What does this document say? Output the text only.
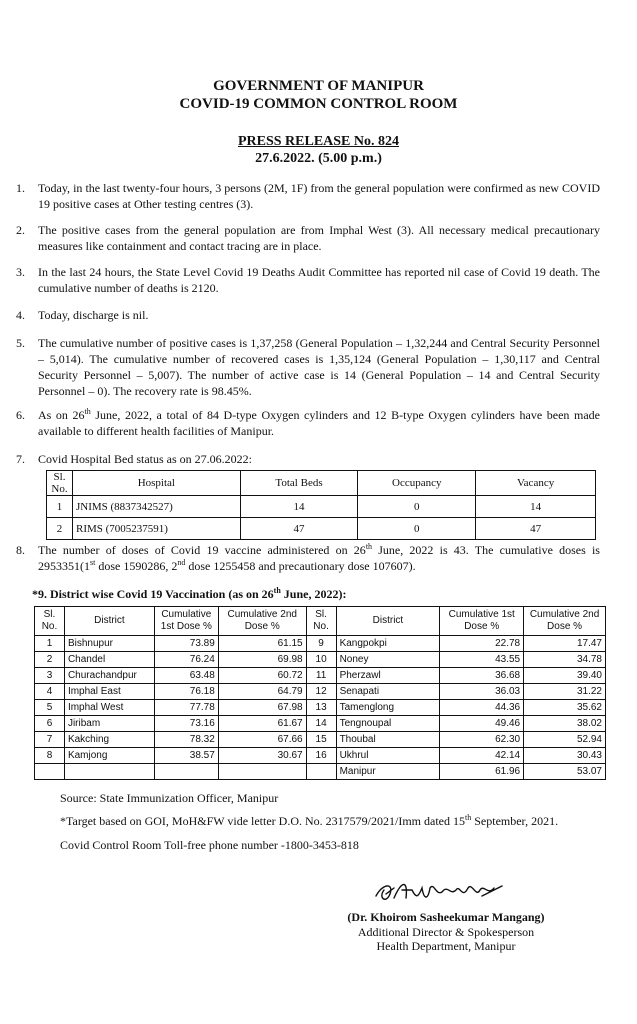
GOVERNMENT OF MANIPUR
COVID-19 COMMON CONTROL ROOM
PRESS RELEASE No. 824
27.6.2022. (5.00 p.m.)
1. Today, in the last twenty-four hours, 3 persons (2M, 1F) from the general population were confirmed as new COVID 19 positive cases at Other testing centres (3).
2. The positive cases from the general population are from Imphal West (3). All necessary medical precautionary measures like containment and contact tracing are in place.
3. In the last 24 hours, the State Level Covid 19 Deaths Audit Committee has reported nil case of Covid 19 death. The cumulative number of deaths is 2120.
4. Today, discharge is nil.
5. The cumulative number of positive cases is 1,37,258 (General Population – 1,32,244 and Central Security Personnel – 5,014). The cumulative number of recovered cases is 1,35,124 (General Population – 1,30,117 and Central Security Personnel – 5,007). The number of active case is 14 (General Population – 14 and Central Security Personnel – 0). The recovery rate is 98.45%.
6. As on 26th June, 2022, a total of 84 D-type Oxygen cylinders and 12 B-type Oxygen cylinders have been made available to different health facilities of Manipur.
7. Covid Hospital Bed status as on 27.06.2022:
Sl. No.	Hospital	Total Beds	Occupancy	Vacancy
1	JNIMS (8837342527)	14	0	14
2	RIMS (7005237591)	47	0	47
8. The number of doses of Covid 19 vaccine administered on 26th June, 2022 is 43. The cumulative doses is 2953351(1st dose 1590286, 2nd dose 1255458 and precautionary dose 107607).
*9. District wise Covid 19 Vaccination (as on 26th June, 2022):
Sl. No.	District	Cumulative 1st Dose %	Cumulative 2nd Dose %	Sl. No.	District	Cumulative 1st Dose %	Cumulative 2nd Dose %
1	Bishnupur	73.89	61.15	9	Kangpokpi	22.78	17.47
2	Chandel	76.24	69.98	10	Noney	43.55	34.78
3	Churachandpur	63.48	60.72	11	Pherzawl	36.68	39.40
4	Imphal East	76.18	64.79	12	Senapati	36.03	31.22
5	Imphal West	77.78	67.98	13	Tamenglong	44.36	35.62
6	Jiribam	73.16	61.67	14	Tengnoupal	49.46	38.02
7	Kakching	78.32	67.66	15	Thoubal	62.30	52.94
8	Kamjong	38.57	30.67	16	Ukhrul	42.14	30.43
					Manipur	61.96	53.07
Source: State Immunization Officer, Manipur
*Target based on GOI, MoH&FW vide letter D.O. No. 2317579/2021/Imm dated 15th September, 2021.
Covid Control Room Toll-free phone number -1800-3453-818
(Dr. Khoirom Sasheekumar Mangang)
Additional Director & Spokesperson
Health Department, Manipur
